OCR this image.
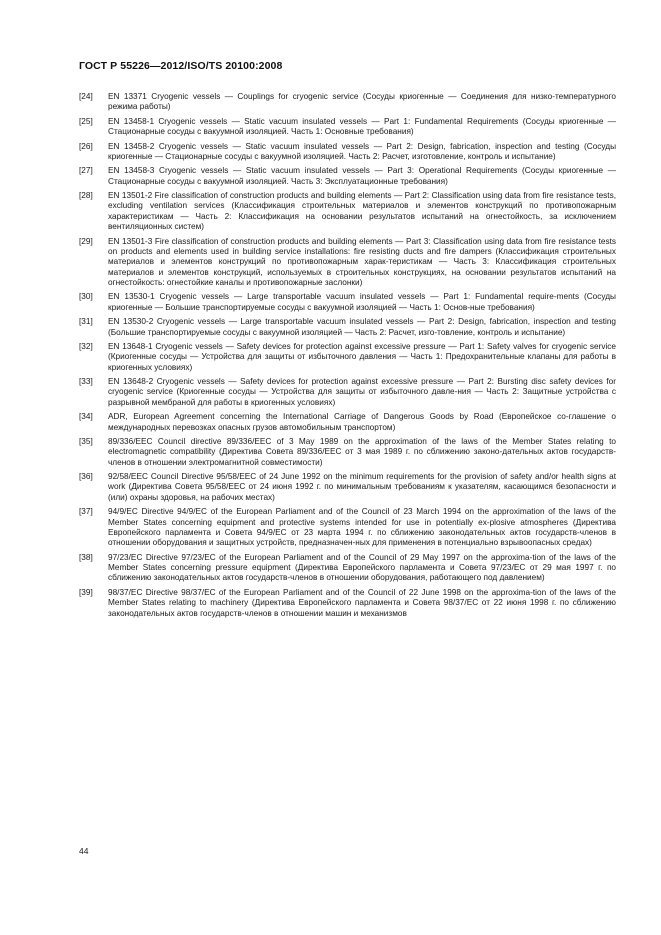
ГОСТ Р 55226—2012/ISO/TS 20100:2008
[24]	EN 13371 Cryogenic vessels — Couplings for cryogenic service (Сосуды криогенные — Соединения для низко-температурного режима работы)
[25]	EN 13458-1 Cryogenic vessels — Static vacuum insulated vessels — Part 1: Fundamental Requirements (Сосуды криогенные — Стационарные сосуды с вакуумной изоляцией. Часть 1: Основные требования)
[26]	EN 13458-2 Cryogenic vessels — Static vacuum insulated vessels — Part 2: Design, fabrication, inspection and testing (Сосуды криогенные — Стационарные сосуды с вакуумной изоляцией. Часть 2: Расчет, изготовление, контроль и испытание)
[27]	EN 13458-3 Cryogenic vessels — Static vacuum insulated vessels — Part 3: Operational Requirements (Сосуды криогенные — Стационарные сосуды с вакуумной изоляцией. Часть 3: Эксплуатационные требования)
[28]	EN 13501-2 Fire classification of construction products and building elements — Part 2: Classification using data from fire resistance tests, excluding ventilation services (Классификация строительных материалов и элементов конструкций по противопожарным характеристикам — Часть 2: Классификация на основании результатов испытаний на огнестойкость, за исключением вентиляционных систем)
[29]	EN 13501-3 Fire classification of construction products and building elements — Part 3: Classification using data from fire resistance tests on products and elements used in building service installations: fire resisting ducts and fire dampers (Классификация строительных материалов и элементов конструкций по противопожарным харак-теристикам — Часть 3: Классификация строительных материалов и элементов конструкций, используемых в строительных конструкциях, на основании результатов испытаний на огнестойкость: огнестойкие каналы и противопожарные заслонки)
[30]	EN 13530-1 Cryogenic vessels — Large transportable vacuum insulated vessels — Part 1: Fundamental require-ments (Сосуды криогенные — Большие транспортируемые сосуды с вакуумной изоляцией — Часть 1: Основ-ные требования)
[31]	EN 13530-2 Cryogenic vessels — Large transportable vacuum insulated vessels — Part 2: Design, fabrication, inspection and testing (Большие транспортируемые сосуды с вакуумной изоляцией — Часть 2: Расчет, изго-товление, контроль и испытание)
[32]	EN 13648-1 Cryogenic vessels — Safety devices for protection against excessive pressure — Part 1: Safety valves for cryogenic service (Криогенные сосуды — Устройства для защиты от избыточного давления — Часть 1: Предохранительные клапаны для работы в криогенных условиях)
[33]	EN 13648-2 Cryogenic vessels — Safety devices for protection against excessive pressure — Part 2: Bursting disc safety devices for cryogenic service (Криогенные сосуды — Устройства для защиты от избыточного давле-ния — Часть 2: Защитные устройства с разрывной мембраной для работы в криогенных условиях)
[34]	ADR, European Agreement concerning the International Carriage of Dangerous Goods by Road (Европейское со-глашение о международных перевозках опасных грузов автомобильным транспортом)
[35]	89/336/EEC Council directive 89/336/EEC of 3 May 1989 on the approximation of the laws of the Member States relating to electromagnetic compatibility (Директива Совета 89/336/EEC от 3 мая 1989 г. по сближению законо-дательных актов государств-членов в отношении электромагнитной совместимости)
[36]	92/58/EEC Council Directive 95/58/EEC of 24 June 1992 on the minimum requirements for the provision of safety and/or health signs at work (Директива Совета 95/58/EEC от 24 июня 1992 г. по минимальным требованиям к указателям, касающимся безопасности и (или) охраны здоровья, на рабочих местах)
[37]	94/9/EC Directive 94/9/EC of the European Parliament and of the Council of 23 March 1994 on the approximation of the laws of the Member States concerning equipment and protective systems intended for use in potentially ex-plosive atmospheres (Директива Европейского парламента и Совета 94/9/EC от 23 марта 1994 г. по сближению законодательных актов государств-членов в отношении оборудования и защитных устройств, предназначен-ных для применения в потенциально взрывоопасных средах)
[38]	97/23/EC Directive 97/23/EC of the European Parliament and of the Council of 29 May 1997 on the approxima-tion of the laws of the Member States concerning pressure equipment (Директива Европейского парламента и Совета 97/23/EC от 29 мая 1997 г. по сближению законодательных актов государств-членов в отношении оборудования, работающего под давлением)
[39]	98/37/EC Directive 98/37/EC of the European Parliament and of the Council of 22 June 1998 on the approxima-tion of the laws of the Member States relating to machinery (Директива Европейского парламента и Совета 98/37/EC от 22 июня 1998 г. по сближению законодательных актов государств-членов в отношении машин и механизмов
44
